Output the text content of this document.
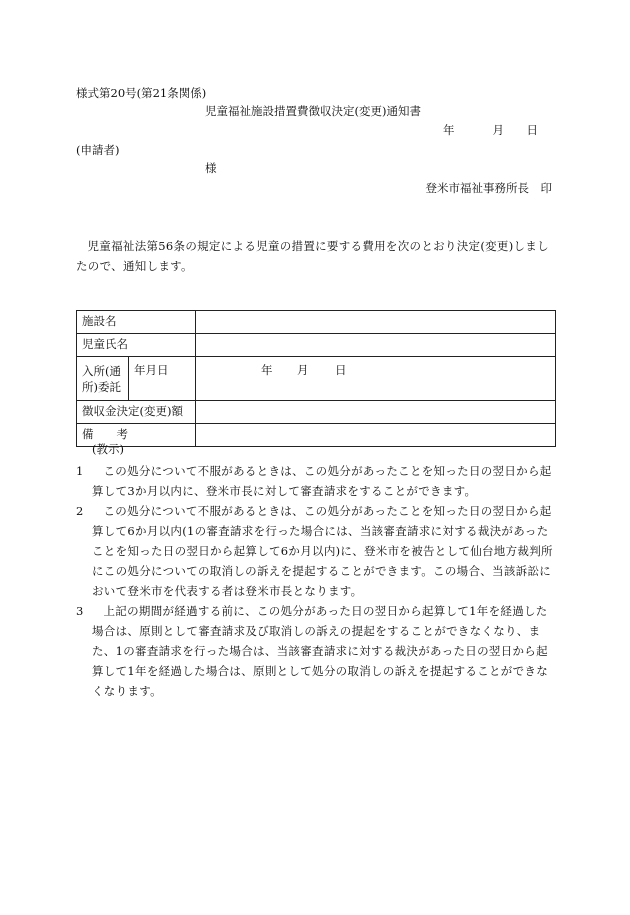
様式第20号(第21条関係)
児童福祉施設措置費徴収決定(変更)通知書
年	月 日
(申請者)
様
登米市福祉事務所長　印
児童福祉法第56条の規定による児童の措置に要する費用を次のとおり決定(変更)しましたので、通知します。
施設名		
児童氏名		
入所(通所)委託	年月日	年 月 日
徴収金決定(変更)額		
備　　考		
(教示)
1	この処分について不服があるときは、この処分があったことを知った日の翌日から起算して3か月以内に、登米市長に対して審査請求をすることができます。
2	この処分について不服があるときは、この処分があったことを知った日の翌日から起算して6か月以内(1の審査請求を行った場合には、当該審査請求に対する裁決があったことを知った日の翌日から起算して6か月以内)に、登米市を被告として仙台地方裁判所にこの処分についての取消しの訴えを提起することができます。この場合、当該訴訟において登米市を代表する者は登米市長となります。
3	上記の期間が経過する前に、この処分があった日の翌日から起算して1年を経過した場合は、原則として審査請求及び取消しの訴えの提起をすることができなくなり、また、1の審査請求を行った場合は、当該審査請求に対する裁決があった日の翌日から起算して1年を経過した場合は、原則として処分の取消しの訴えを提起することができなくなります。
